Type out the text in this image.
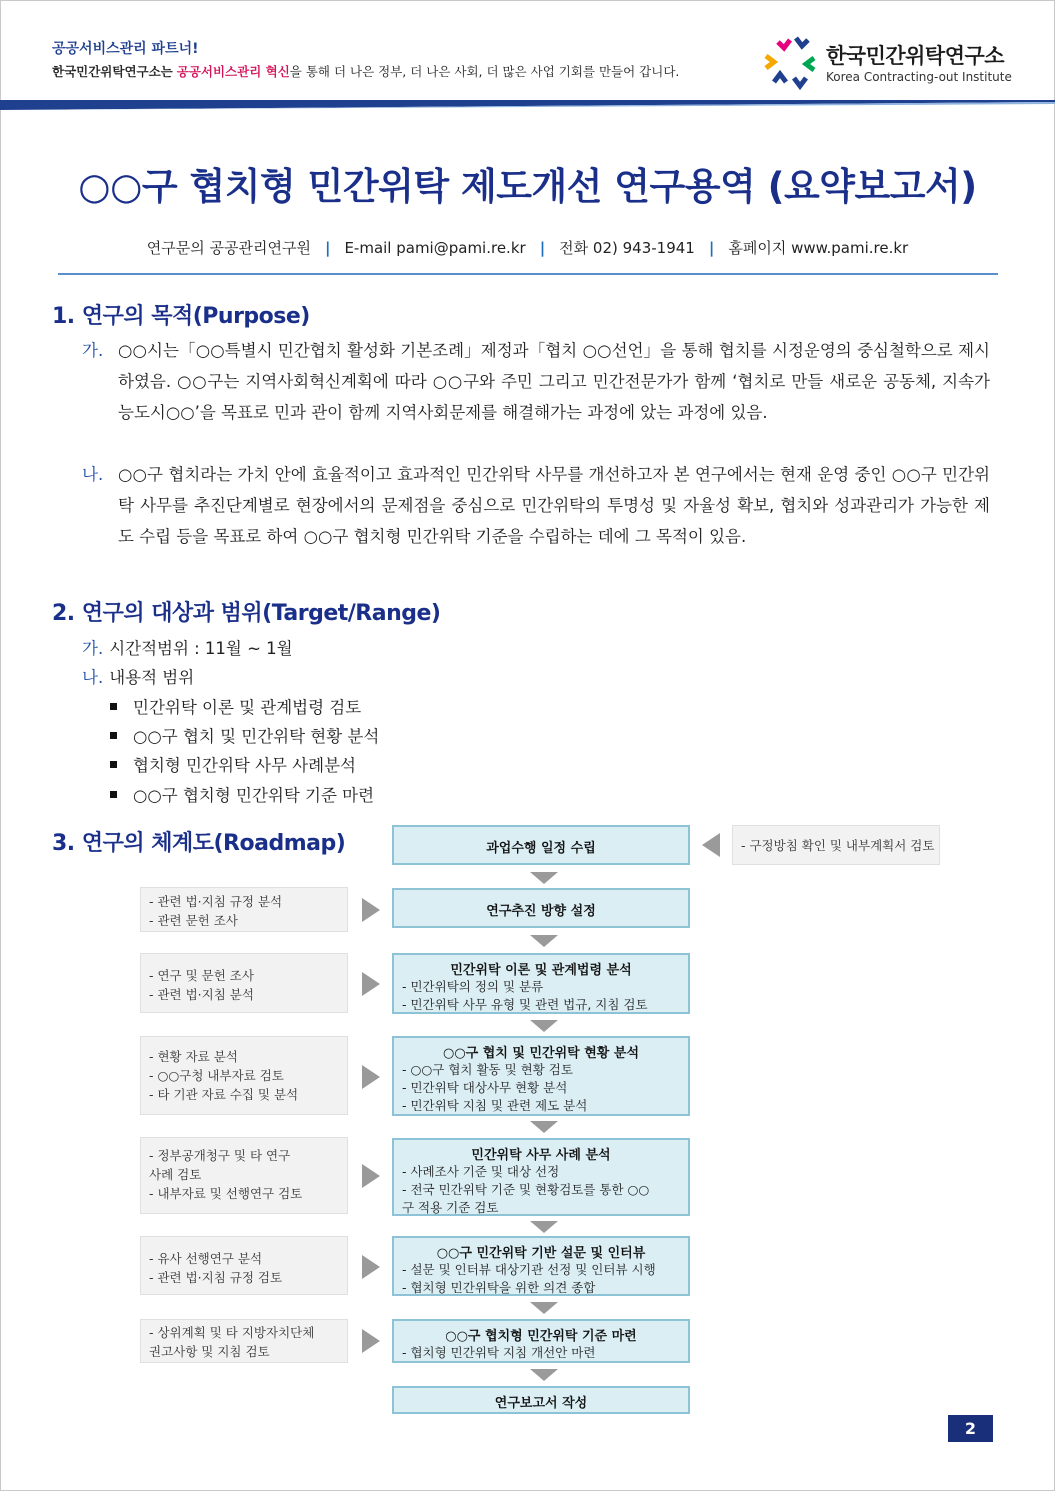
공공서비스관리 파트너!
한국민간위탁연구소는 공공서비스관리 혁신을 통해 더 나은 정부, 더 나은 사회, 더 많은 사업 기회를 만들어 갑니다.
한국민간위탁연구소
Korea Contracting-out Institute
○○구 협치형 민간위탁 제도개선 연구용역 (요약보고서)
연구문의 공공관리연구원 | E-mail pami@pami.re.kr | 전화 02) 943-1941 | 홈페이지 www.pami.re.kr
1. 연구의 목적(Purpose)
가. ○○시는「○○특별시 민간협치 활성화 기본조례」제정과「협치 ○○선언」을 통해 협치를 시정운영의 중심철학으로 제시하였음. ○○구는 지역사회혁신계획에 따라 ○○구와 주민 그리고 민간전문가가 함께 ‘협치로 만들 새로운 공동체, 지속가능도시○○’을 목표로 민과 관이 함께 지역사회문제를 해결해가는 과정에 았는 과정에 있음.
나. ○○구 협치라는 가치 안에 효율적이고 효과적인 민간위탁 사무를 개선하고자 본 연구에서는 현재 운영 중인 ○○구 민간위탁 사무를 추진단계별로 현장에서의 문제점을 중심으로 민간위탁의 투명성 및 자율성 확보, 협치와 성과관리가 가능한 제도 수립 등을 목표로 하여 ○○구 협치형 민간위탁 기준을 수립하는 데에 그 목적이 있음.
2. 연구의 대상과 범위(Target/Range)
가. 시간적범위 : 11월 ~ 1월
나. 내용적 범위
민간위탁 이론 및 관계법령 검토
○○구 협치 및 민간위탁 현황 분석
협치형 민간위탁 사무 사례분석
○○구 협치형 민간위탁 기준 마련
3. 연구의 체계도(Roadmap)	과업수행 일정 수립	- 구정방침 확인 및 내부계획서 검토
연구추진 방향 설정
민간위탁 이론 및 관계법령 분석
- 민간위탁의 정의 및 분류
- 민간위탁 사무 유형 및 관련 법규, 지침 검토
○○구 협치 및 민간위탁 현황 분석
- ○○구 협치 활동 및 현황 검토
- 민간위탁 대상사무 현황 분석
- 민간위탁 지침 및 관련 제도 분석
민간위탁 사무 사례 분석
- 사례조사 기준 및 대상 선정
- 전국 민간위탁 기준 및 현황검토를 통한 ○○
구 적용 기준 검토
○○구 민간위탁 기반 설문 및 인터뷰
- 설문 및 인터뷰 대상기관 선정 및 인터뷰 시행
- 협치형 민간위탁을 위한 의견 종합
○○구 협치형 민간위탁 기준 마련
- 협치형 민간위탁 지침 개선안 마련
연구보고서 작성
- 관련 법·지침 규정 분석
- 관련 문헌 조사
- 연구 및 문헌 조사
- 관련 법·지침 분석
- 현황 자료 분석
- ○○구청 내부자료 검토
- 타 기관 자료 수집 및 분석
- 정부공개청구 및 타 연구
사례 검토
- 내부자료 및 선행연구 검토
- 유사 선행연구 분석
- 관련 법·지침 규정 검토
- 상위계획 및 타 지방자치단체
권고사항 및 지침 검토
2
